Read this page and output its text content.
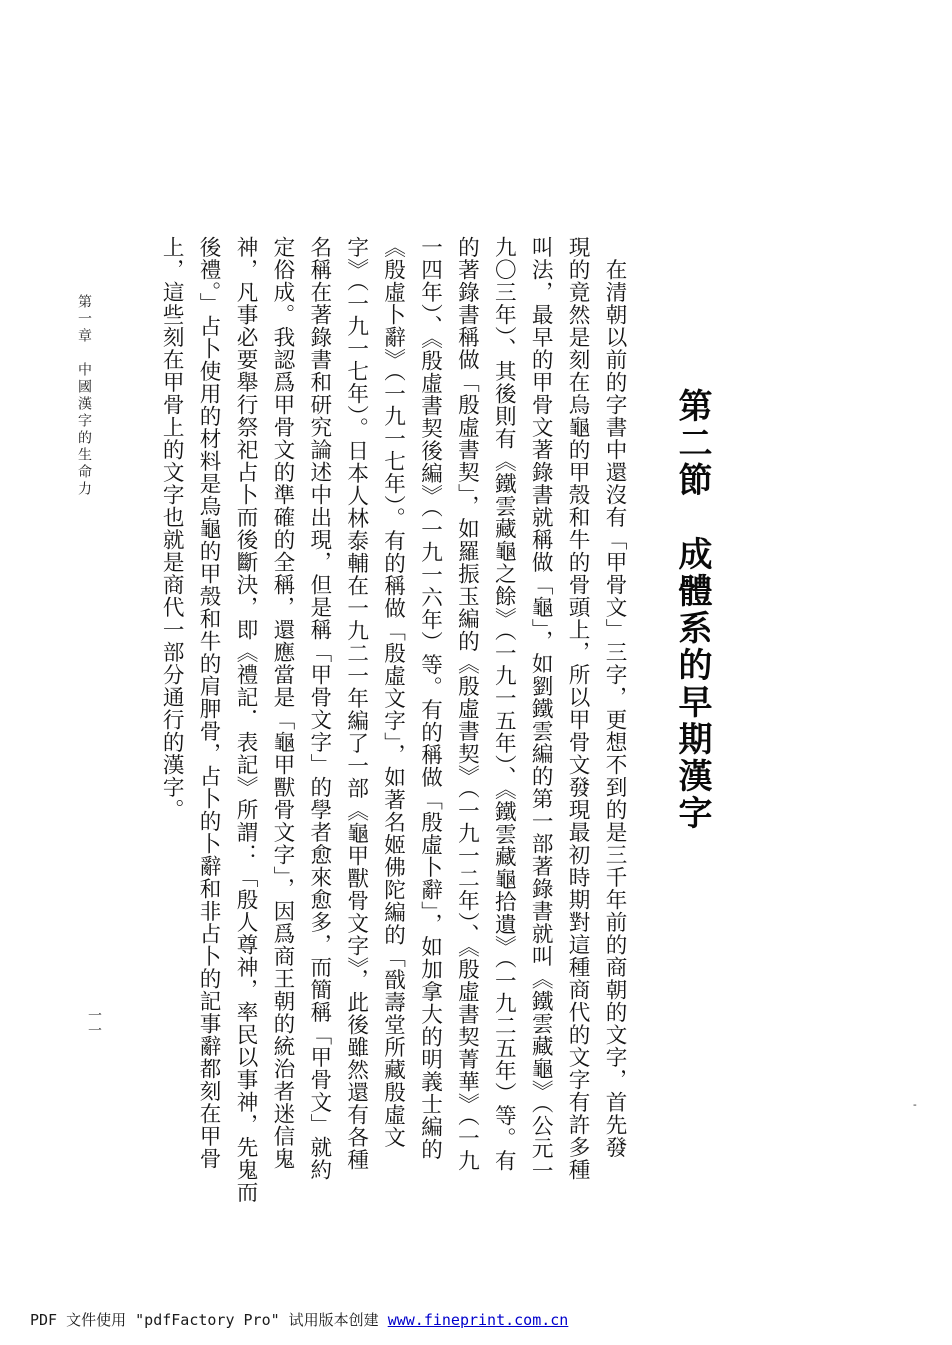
第二節　成體系的早期漢字
　在清朝以前的字書中還沒有「甲骨文」三字，更想不到的是三千年前的商朝的文字，首先發
現的竟然是刻在烏龜的甲殼和牛的骨頭上，所以甲骨文發現最初時期對這種商代的文字有許多種
叫法，最早的甲骨文著錄書就稱做「龜」，如劉鐵雲編的第一部著錄書就叫《鐵雲藏龜》（公元一
九〇三年）、其後則有《鐵雲藏龜之餘》（一九一五年）、《鐵雲藏龜拾遺》（一九二五年）等。有
的著錄書稱做「殷虛書契」，如羅振玉編的《殷虛書契》（一九一二年）、《殷虛書契菁華》（一九
一四年）、《殷虛書契後編》（一九一六年）等。有的稱做「殷虛卜辭」，如加拿大的明義士編的
《殷虛卜辭》（一九一七年）。有的稱做「殷虛文字」，如著名姬佛陀編的「戩壽堂所藏殷虛文
字》（一九一七年）。日本人林泰輔在一九二一年編了一部《龜甲獸骨文字》，此後雖然還有各種
名稱在著錄書和研究論述中出現，但是稱「甲骨文字」的學者愈來愈多，而簡稱「甲骨文」就約
定俗成。我認爲甲骨文的準確的全稱，還應當是「龜甲獸骨文字」，因爲商王朝的統治者迷信鬼
神，凡事必要舉行祭祀占卜而後斷決，即《禮記．表記》所謂：「殷人尊神，率民以事神，先鬼而
後禮。」占卜使用的材料是烏龜的甲殼和牛的肩胛骨，占卜的卜辭和非占卜的記事辭都刻在甲骨
上，這些刻在甲骨上的文字也就是商代一部分通行的漢字。
第一章　中國漢字的生命力
一一
-
PDF 文件使用 "pdfFactory Pro" 试用版本创建 www.fineprint.com.cn
